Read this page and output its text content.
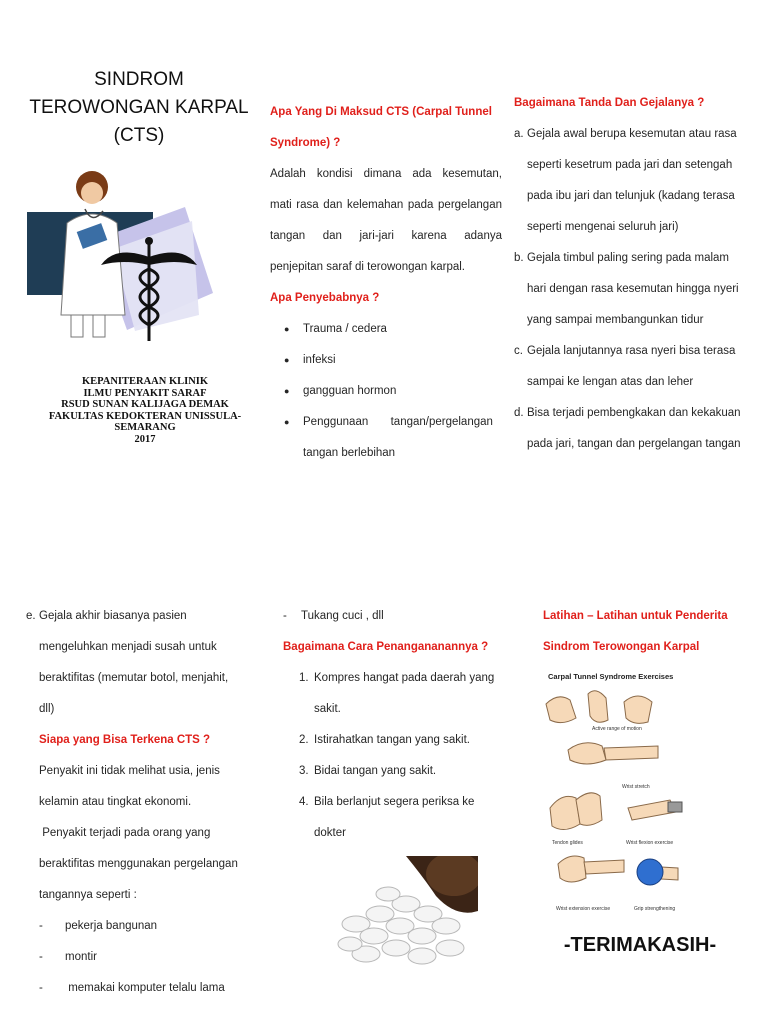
SINDROM
TEROWONGAN KARPAL
(CTS)
KEPANITERAAN KLINIK
ILMU PENYAKIT SARAF
RSUD SUNAN KALIJAGA DEMAK
FAKULTAS KEDOKTERAN UNISSULA-
SEMARANG
2017
Apa Yang Di Maksud CTS (Carpal Tunnel Syndrome) ?
Adalah kondisi dimana ada kesemutan,
mati rasa dan kelemahan pada pergelangan
tangan dan jari-jari karena adanya
penjepitan saraf di terowongan karpal.
Apa Penyebabnya ?
● Trauma / cedera
● infeksi
● gangguan hormon
● Penggunaan       tangan/pergelangan
tangan berlebihan
Bagaimana Tanda Dan Gejalanya ?
a. Gejala awal berupa kesemutan atau rasa
seperti kesetrum pada jari dan setengah
pada ibu jari dan telunjuk (kadang terasa
seperti mengenai seluruh jari)
b. Gejala timbul paling sering pada malam
hari dengan rasa kesemutan hingga nyeri
yang sampai membangunkan tidur
c. Gejala lanjutannya rasa nyeri bisa terasa
sampai ke lengan atas dan leher
d. Bisa terjadi pembengkakan dan kekakuan
pada jari, tangan dan pergelangan tangan
e. Gejala akhir biasanya pasien
mengeluhkan menjadi susah untuk
beraktifitas (memutar botol, menjahit,
dll)
Siapa yang Bisa Terkena CTS ?
Penyakit ini tidak melihat usia, jenis
kelamin atau tingkat ekonomi.
Penyakit terjadi pada orang yang
beraktifitas menggunakan pergelangan
tangannya seperti :
- pekerja bangunan
- montir
- memakai komputer telalu lama
- Tukang cuci , dll
Bagaimana Cara Penangananannya ?
1. Kompres hangat pada daerah yang
sakit.
2. Istirahatkan tangan yang sakit.
3. Bidai tangan yang sakit.
4. Bila berlanjut segera periksa ke
dokter
Latihan – Latihan untuk Penderita
Sindrom Terowongan Karpal
Carpal Tunnel Syndrome Exercises
Active range of motion
Wrist stretch
Tendon glides	Wrist flexion exercise
Wrist extension exercise	Grip strengthening
-TERIMAKASIH-
